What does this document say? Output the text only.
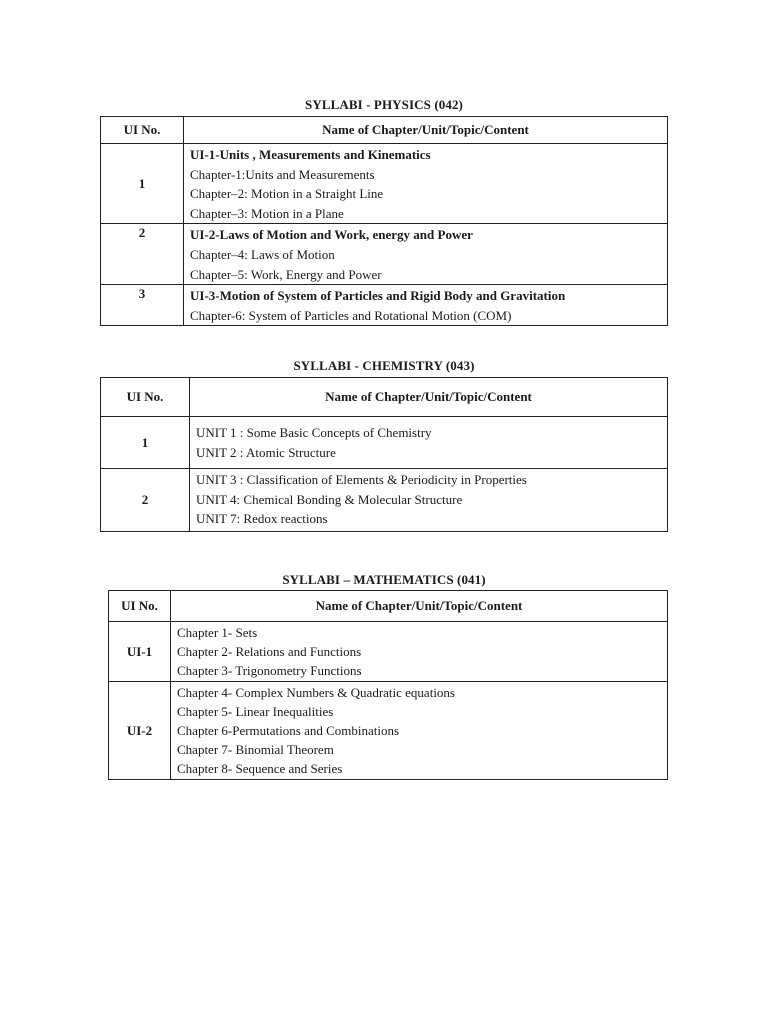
SYLLABI - PHYSICS (042)
UI No.	Name of Chapter/Unit/Topic/Content
1	UI-1-Units , Measurements and Kinematics
Chapter-1:Units and Measurements
Chapter–2: Motion in a Straight Line
Chapter–3: Motion in a Plane

2	UI-2-Laws of Motion and Work, energy and Power
Chapter–4: Laws of Motion
Chapter–5: Work, Energy and Power

3	UI-3-Motion of System of Particles and Rigid Body and Gravitation
Chapter-6: System of Particles and Rotational Motion (COM)
SYLLABI - CHEMISTRY (043)
UI No.	Name of Chapter/Unit/Topic/Content
1	UNIT 1 : Some Basic Concepts of Chemistry
UNIT 2 : Atomic Structure

2	UNIT 3 : Classification of Elements & Periodicity in Properties
UNIT 4: Chemical Bonding & Molecular Structure
UNIT 7: Redox reactions
SYLLABI – MATHEMATICS (041)
UI No.	Name of Chapter/Unit/Topic/Content
UI-1	Chapter 1- Sets
Chapter 2- Relations and Functions
Chapter 3- Trigonometry Functions

UI-2	Chapter 4- Complex Numbers & Quadratic equations
Chapter 5- Linear Inequalities
Chapter 6-Permutations and Combinations
Chapter 7- Binomial Theorem
Chapter 8- Sequence and Series
